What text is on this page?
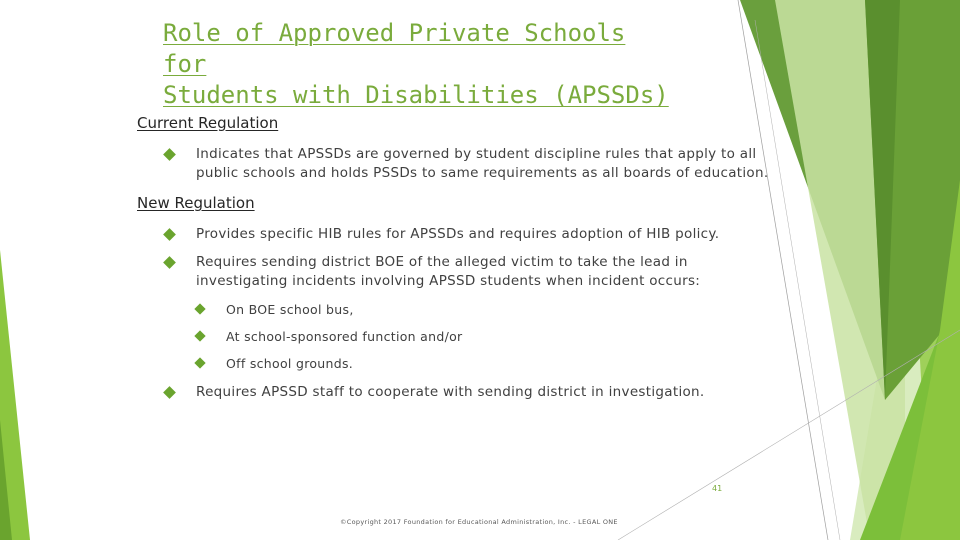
Role of Approved Private Schools for
Students with Disabilities (APSSDs)
Current Regulation
Indicates that APSSDs are governed by student discipline rules that apply to all public schools and holds PSSDs to same requirements as all boards of education.
New Regulation
Provides specific HIB rules for APSSDs and requires adoption of HIB policy.
Requires sending district BOE of the alleged victim to take the lead in investigating incidents involving APSSD students when incident occurs:
On BOE school bus,
At school-sponsored function and/or
Off school grounds.
Requires APSSD staff to cooperate with sending district in investigation.
41
©Copyright 2017 Foundation for Educational Administration, Inc. - LEGAL ONE
